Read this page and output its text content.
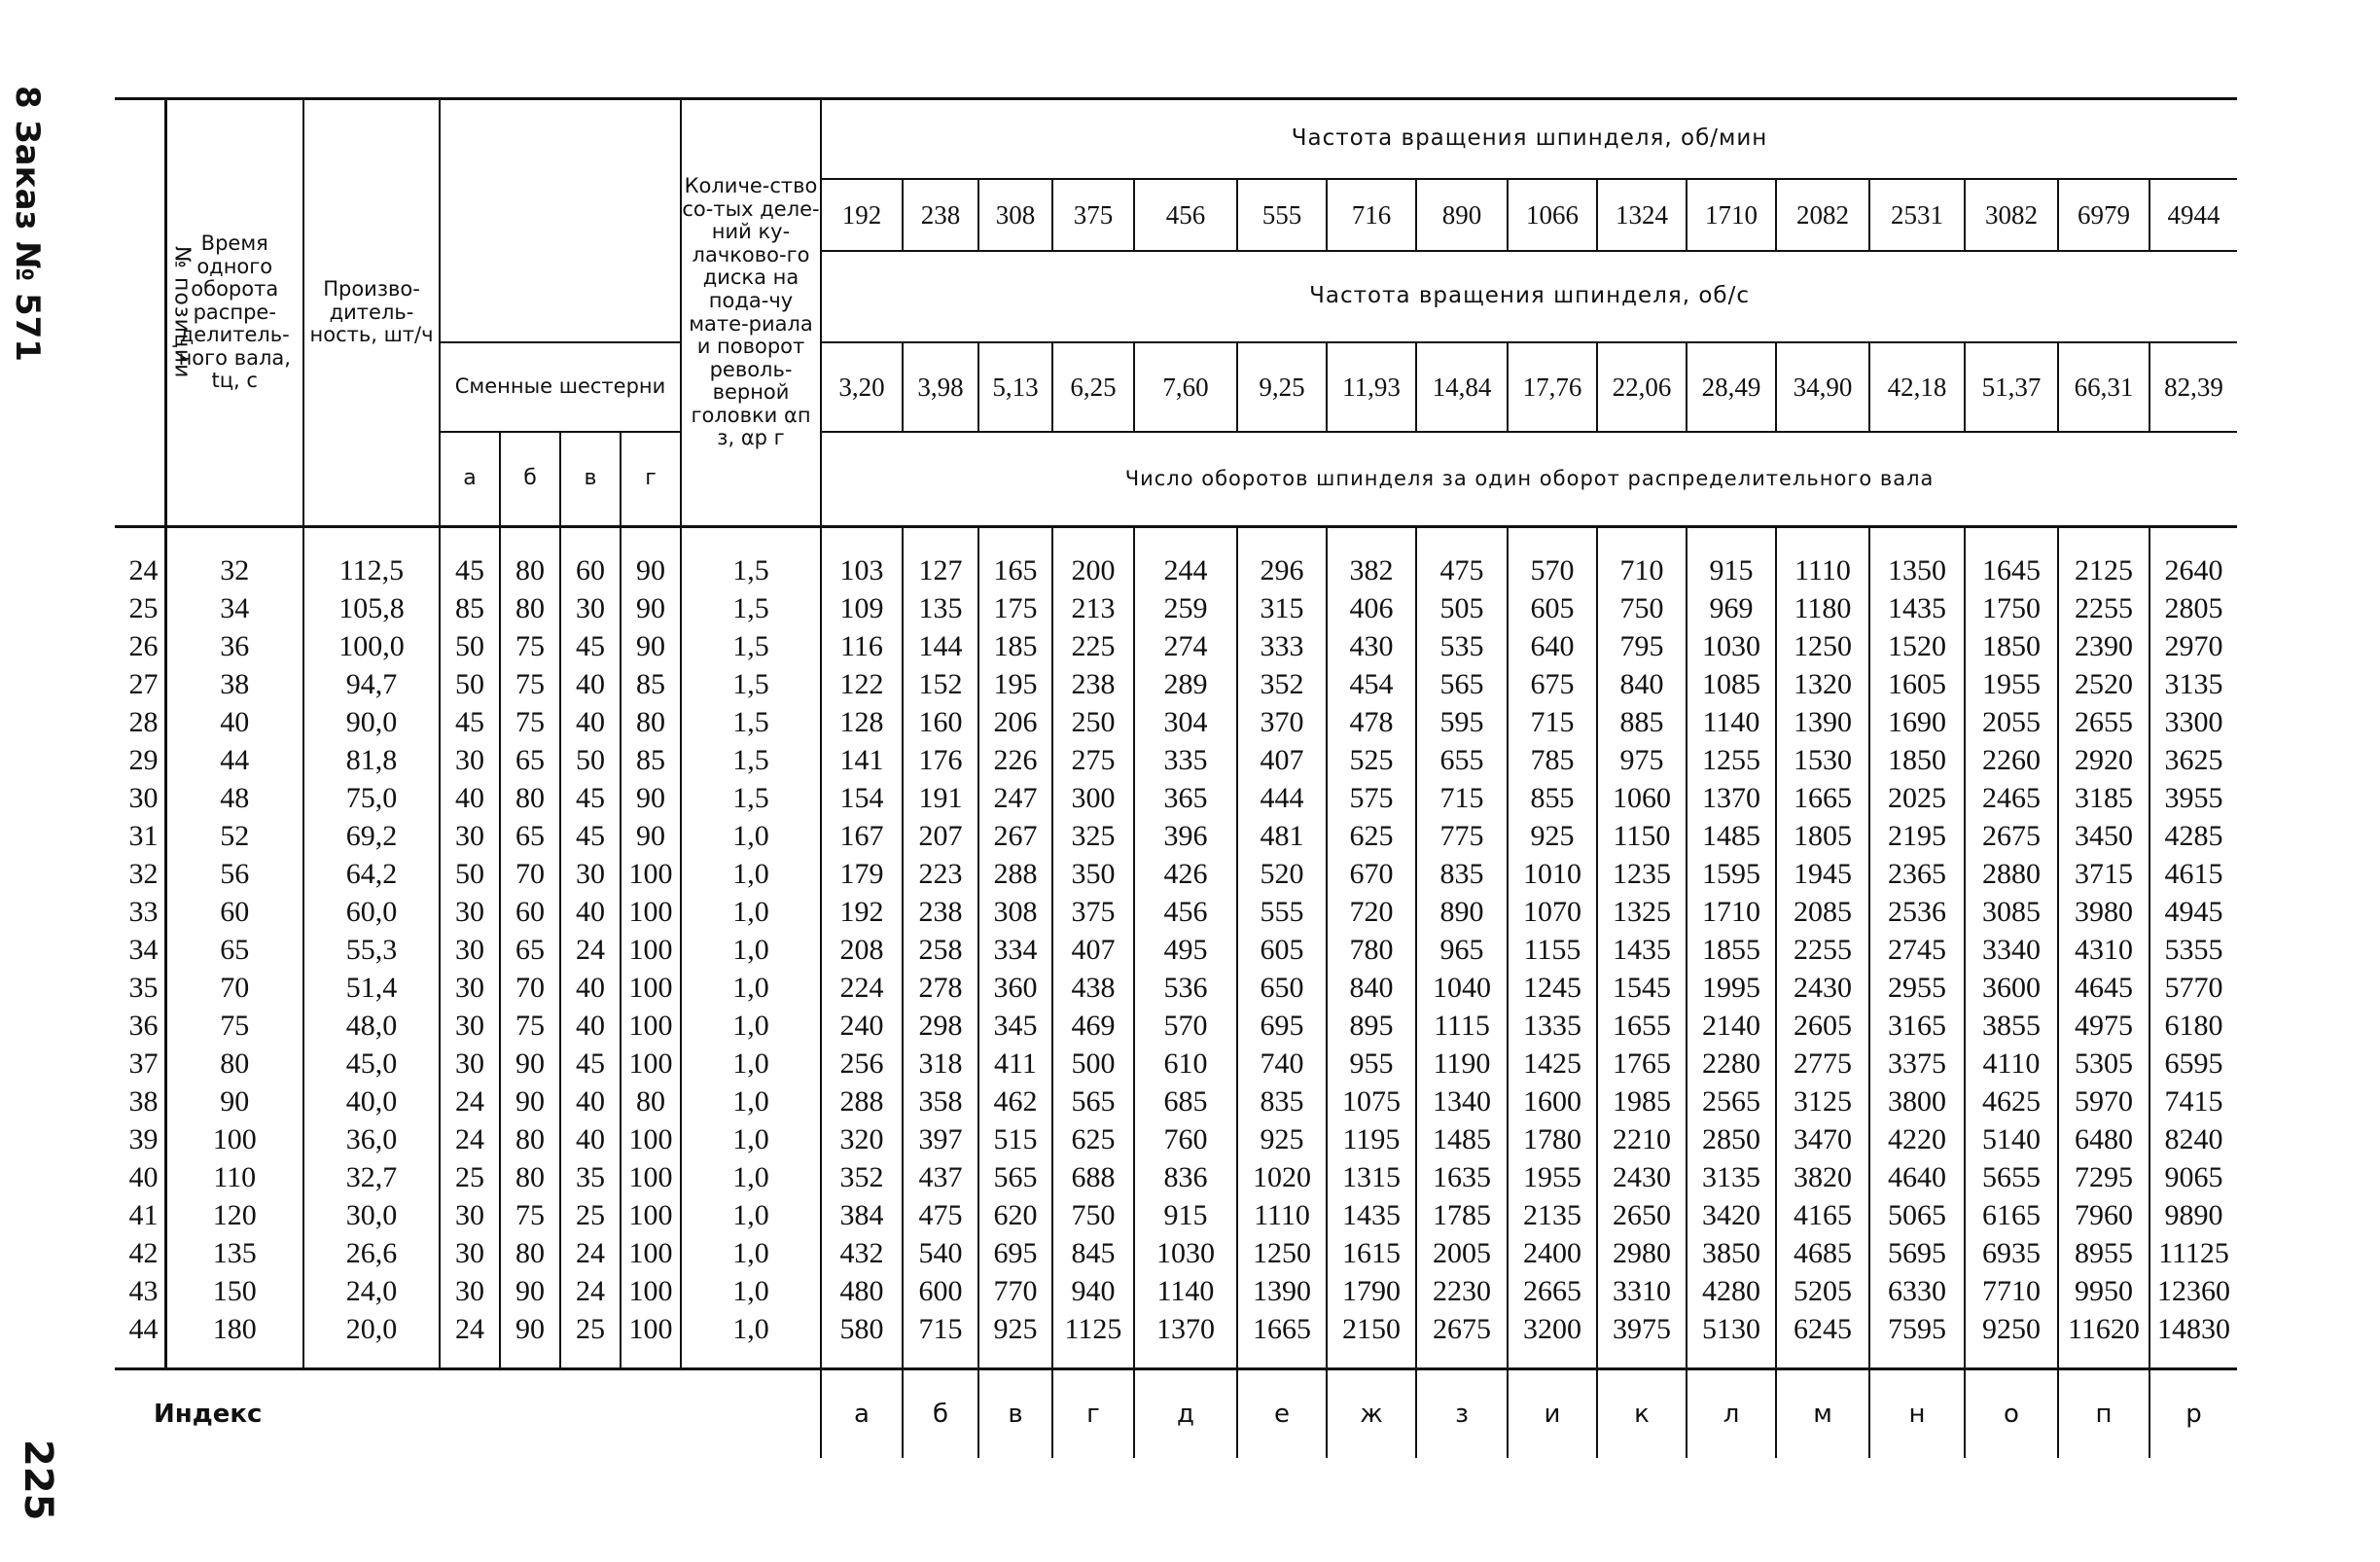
8 Заказ № 571
225
№ позиции	Время одного оборота распре-делитель-ного вала, tц, с	Произво-дитель-ность, шт/ч					Количе-ство со-тых деле-ний ку-лачково-го диска на пода-чу мате-риала и поворот револь-верной головки αп з, αр г	Частота вращения шпинделя, об/мин															
								192	238	308	375	456	555	716	890	1066	1324	1710	2082	2531	3082	6979	4944
								Частота вращения шпинделя, об/с															
			Сменные шестерни					3,20	3,98	5,13	6,25	7,60	9,25	11,93	14,84	17,76	22,06	28,49	34,90	42,18	51,37	66,31	82,39
			а	б	в	г		Число оборотов шпинделя за один оборот распределительного вала															
24	32	112,5	45	80	60	90	1,5	103	127	165	200	244	296	382	475	570	710	915	1110	1350	1645	2125	2640
25	34	105,8	85	80	30	90	1,5	109	135	175	213	259	315	406	505	605	750	969	1180	1435	1750	2255	2805
26	36	100,0	50	75	45	90	1,5	116	144	185	225	274	333	430	535	640	795	1030	1250	1520	1850	2390	2970
27	38	94,7	50	75	40	85	1,5	122	152	195	238	289	352	454	565	675	840	1085	1320	1605	1955	2520	3135
28	40	90,0	45	75	40	80	1,5	128	160	206	250	304	370	478	595	715	885	1140	1390	1690	2055	2655	3300
29	44	81,8	30	65	50	85	1,5	141	176	226	275	335	407	525	655	785	975	1255	1530	1850	2260	2920	3625
30	48	75,0	40	80	45	90	1,5	154	191	247	300	365	444	575	715	855	1060	1370	1665	2025	2465	3185	3955
31	52	69,2	30	65	45	90	1,0	167	207	267	325	396	481	625	775	925	1150	1485	1805	2195	2675	3450	4285
32	56	64,2	50	70	30	100	1,0	179	223	288	350	426	520	670	835	1010	1235	1595	1945	2365	2880	3715	4615
33	60	60,0	30	60	40	100	1,0	192	238	308	375	456	555	720	890	1070	1325	1710	2085	2536	3085	3980	4945
34	65	55,3	30	65	24	100	1,0	208	258	334	407	495	605	780	965	1155	1435	1855	2255	2745	3340	4310	5355
35	70	51,4	30	70	40	100	1,0	224	278	360	438	536	650	840	1040	1245	1545	1995	2430	2955	3600	4645	5770
36	75	48,0	30	75	40	100	1,0	240	298	345	469	570	695	895	1115	1335	1655	2140	2605	3165	3855	4975	6180
37	80	45,0	30	90	45	100	1,0	256	318	411	500	610	740	955	1190	1425	1765	2280	2775	3375	4110	5305	6595
38	90	40,0	24	90	40	80	1,0	288	358	462	565	685	835	1075	1340	1600	1985	2565	3125	3800	4625	5970	7415
39	100	36,0	24	80	40	100	1,0	320	397	515	625	760	925	1195	1485	1780	2210	2850	3470	4220	5140	6480	8240
40	110	32,7	25	80	35	100	1,0	352	437	565	688	836	1020	1315	1635	1955	2430	3135	3820	4640	5655	7295	9065
41	120	30,0	30	75	25	100	1,0	384	475	620	750	915	1110	1435	1785	2135	2650	3420	4165	5065	6165	7960	9890
42	135	26,6	30	80	24	100	1,0	432	540	695	845	1030	1250	1615	2005	2400	2980	3850	4685	5695	6935	8955	11125
43	150	24,0	30	90	24	100	1,0	480	600	770	940	1140	1390	1790	2230	2665	3310	4280	5205	6330	7710	9950	12360
44	180	20,0	24	90	25	100	1,0	580	715	925	1125	1370	1665	2150	2675	3200	3975	5130	6245	7595	9250	11620	14830
Индекс								а	б	в	г	д	е	ж	з	и	к	л	м	н	о	п	р
